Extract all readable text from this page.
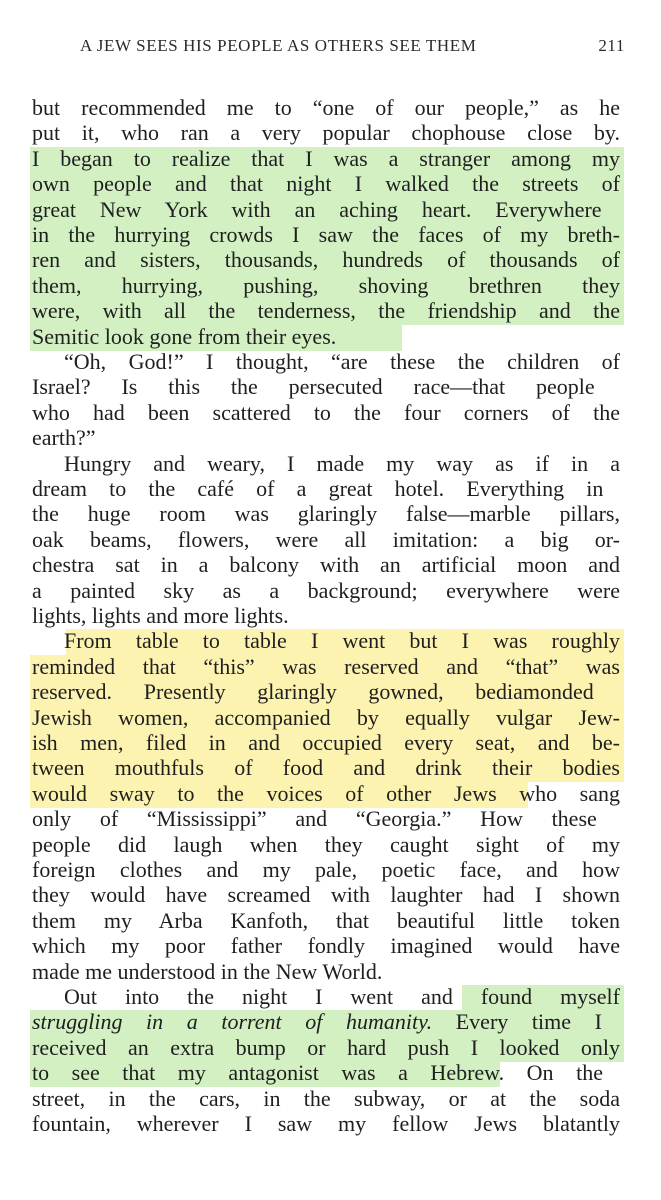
A JEW SEES HIS PEOPLE AS OTHERS SEE THEM	211
but recommended me to “one of our people,” as he
put it, who ran a very popular chophouse close by.
I began to realize that I was a stranger among my
own people and that night I walked the streets of
great New York with an aching heart. Everywhere
in the hurrying crowds I saw the faces of my breth-
ren and sisters, thousands, hundreds of thousands of
them, hurrying, pushing, shoving brethren they
were, with all the tenderness, the friendship and the
Semitic look gone from their eyes.
“Oh, God!” I thought, “are these the children of
Israel? Is this the persecuted race—that people
who had been scattered to the four corners of the
earth?”
Hungry and weary, I made my way as if in a
dream to the café of a great hotel. Everything in
the huge room was glaringly false—marble pillars,
oak beams, flowers, were all imitation: a big or-
chestra sat in a balcony with an artificial moon and
a painted sky as a background; everywhere were
lights, lights and more lights.
From table to table I went but I was roughly
reminded that “this” was reserved and “that” was
reserved. Presently glaringly gowned, bediamonded
Jewish women, accompanied by equally vulgar Jew-
ish men, filed in and occupied every seat, and be-
tween mouthfuls of food and drink their bodies
would sway to the voices of other Jews who sang
only of “Mississippi” and “Georgia.” How these
people did laugh when they caught sight of my
foreign clothes and my pale, poetic face, and how
they would have screamed with laughter had I shown
them my Arba Kanfoth, that beautiful little token
which my poor father fondly imagined would have
made me understood in the New World.
Out into the night I went and found myself
struggling in a torrent of humanity. Every time I
received an extra bump or hard push I looked only
to see that my antagonist was a Hebrew. On the
street, in the cars, in the subway, or at the soda
fountain, wherever I saw my fellow Jews blatantly
